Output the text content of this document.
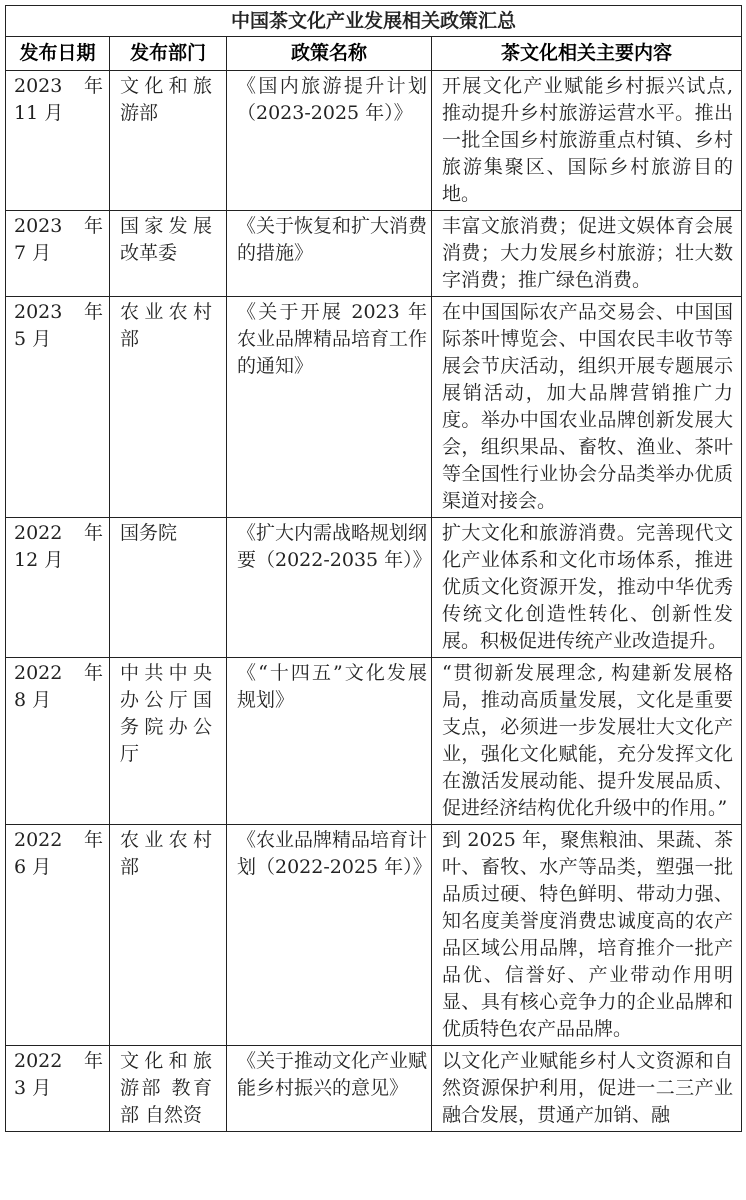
中国茶文化产业发展相关政策汇总			
发布日期	发布部门	政策名称	茶文化相关主要内容
2023 年 11 月	文化和旅游部	《国内旅游提升计划（2023-2025 年）》	开展文化产业赋能乡村振兴试点, 推动提升乡村旅游运营水平。推出一批全国乡村旅游重点村镇、乡村旅游集聚区、国际乡村旅游目的地。
2023 年 7 月	国家发展改革委	《关于恢复和扩大消费的措施》	丰富文旅消费；促进文娱体育会展消费；大力发展乡村旅游；壮大数字消费；推广绿色消费。
2023 年 5 月	农业农村部	《关于开展 2023 年农业品牌精品培育工作的通知》	在中国国际农产品交易会、中国国际茶叶博览会、中国农民丰收节等展会节庆活动，组织开展专题展示展销活动，加大品牌营销推广力度。举办中国农业品牌创新发展大会，组织果品、畜牧、渔业、茶叶等全国性行业协会分品类举办优质渠道对接会。
2022 年 12 月	国务院	《扩大内需战略规划纲要（2022-2035 年）》	扩大文化和旅游消费。完善现代文化产业体系和文化市场体系，推进优质文化资源开发，推动中华优秀传统文化创造性转化、创新性发展。积极促进传统产业改造提升。
2022 年 8 月	中共中央办公厅国务院办公厅	《“十四五”文化发展规划》	“贯彻新发展理念, 构建新发展格局，推动高质量发展，文化是重要支点，必须进一步发展壮大文化产业，强化文化赋能，充分发挥文化在激活发展动能、提升发展品质、促进经济结构优化升级中的作用。”
2022 年 6 月	农业农村部	《农业品牌精品培育计划（2022-2025 年）》	到 2025 年，聚焦粮油、果蔬、茶叶、畜牧、水产等品类，塑强一批品质过硬、特色鲜明、带动力强、知名度美誉度消费忠诚度高的农产品区域公用品牌，培育推介一批产品优、信誉好、产业带动作用明显、具有核心竞争力的企业品牌和优质特色农产品品牌。
2022 年 3 月	文化和旅游部 教育部 自然资	《关于推动文化产业赋能乡村振兴的意见》	以文化产业赋能乡村人文资源和自然资源保护利用，促进一二三产业融合发展，贯通产加销、融
